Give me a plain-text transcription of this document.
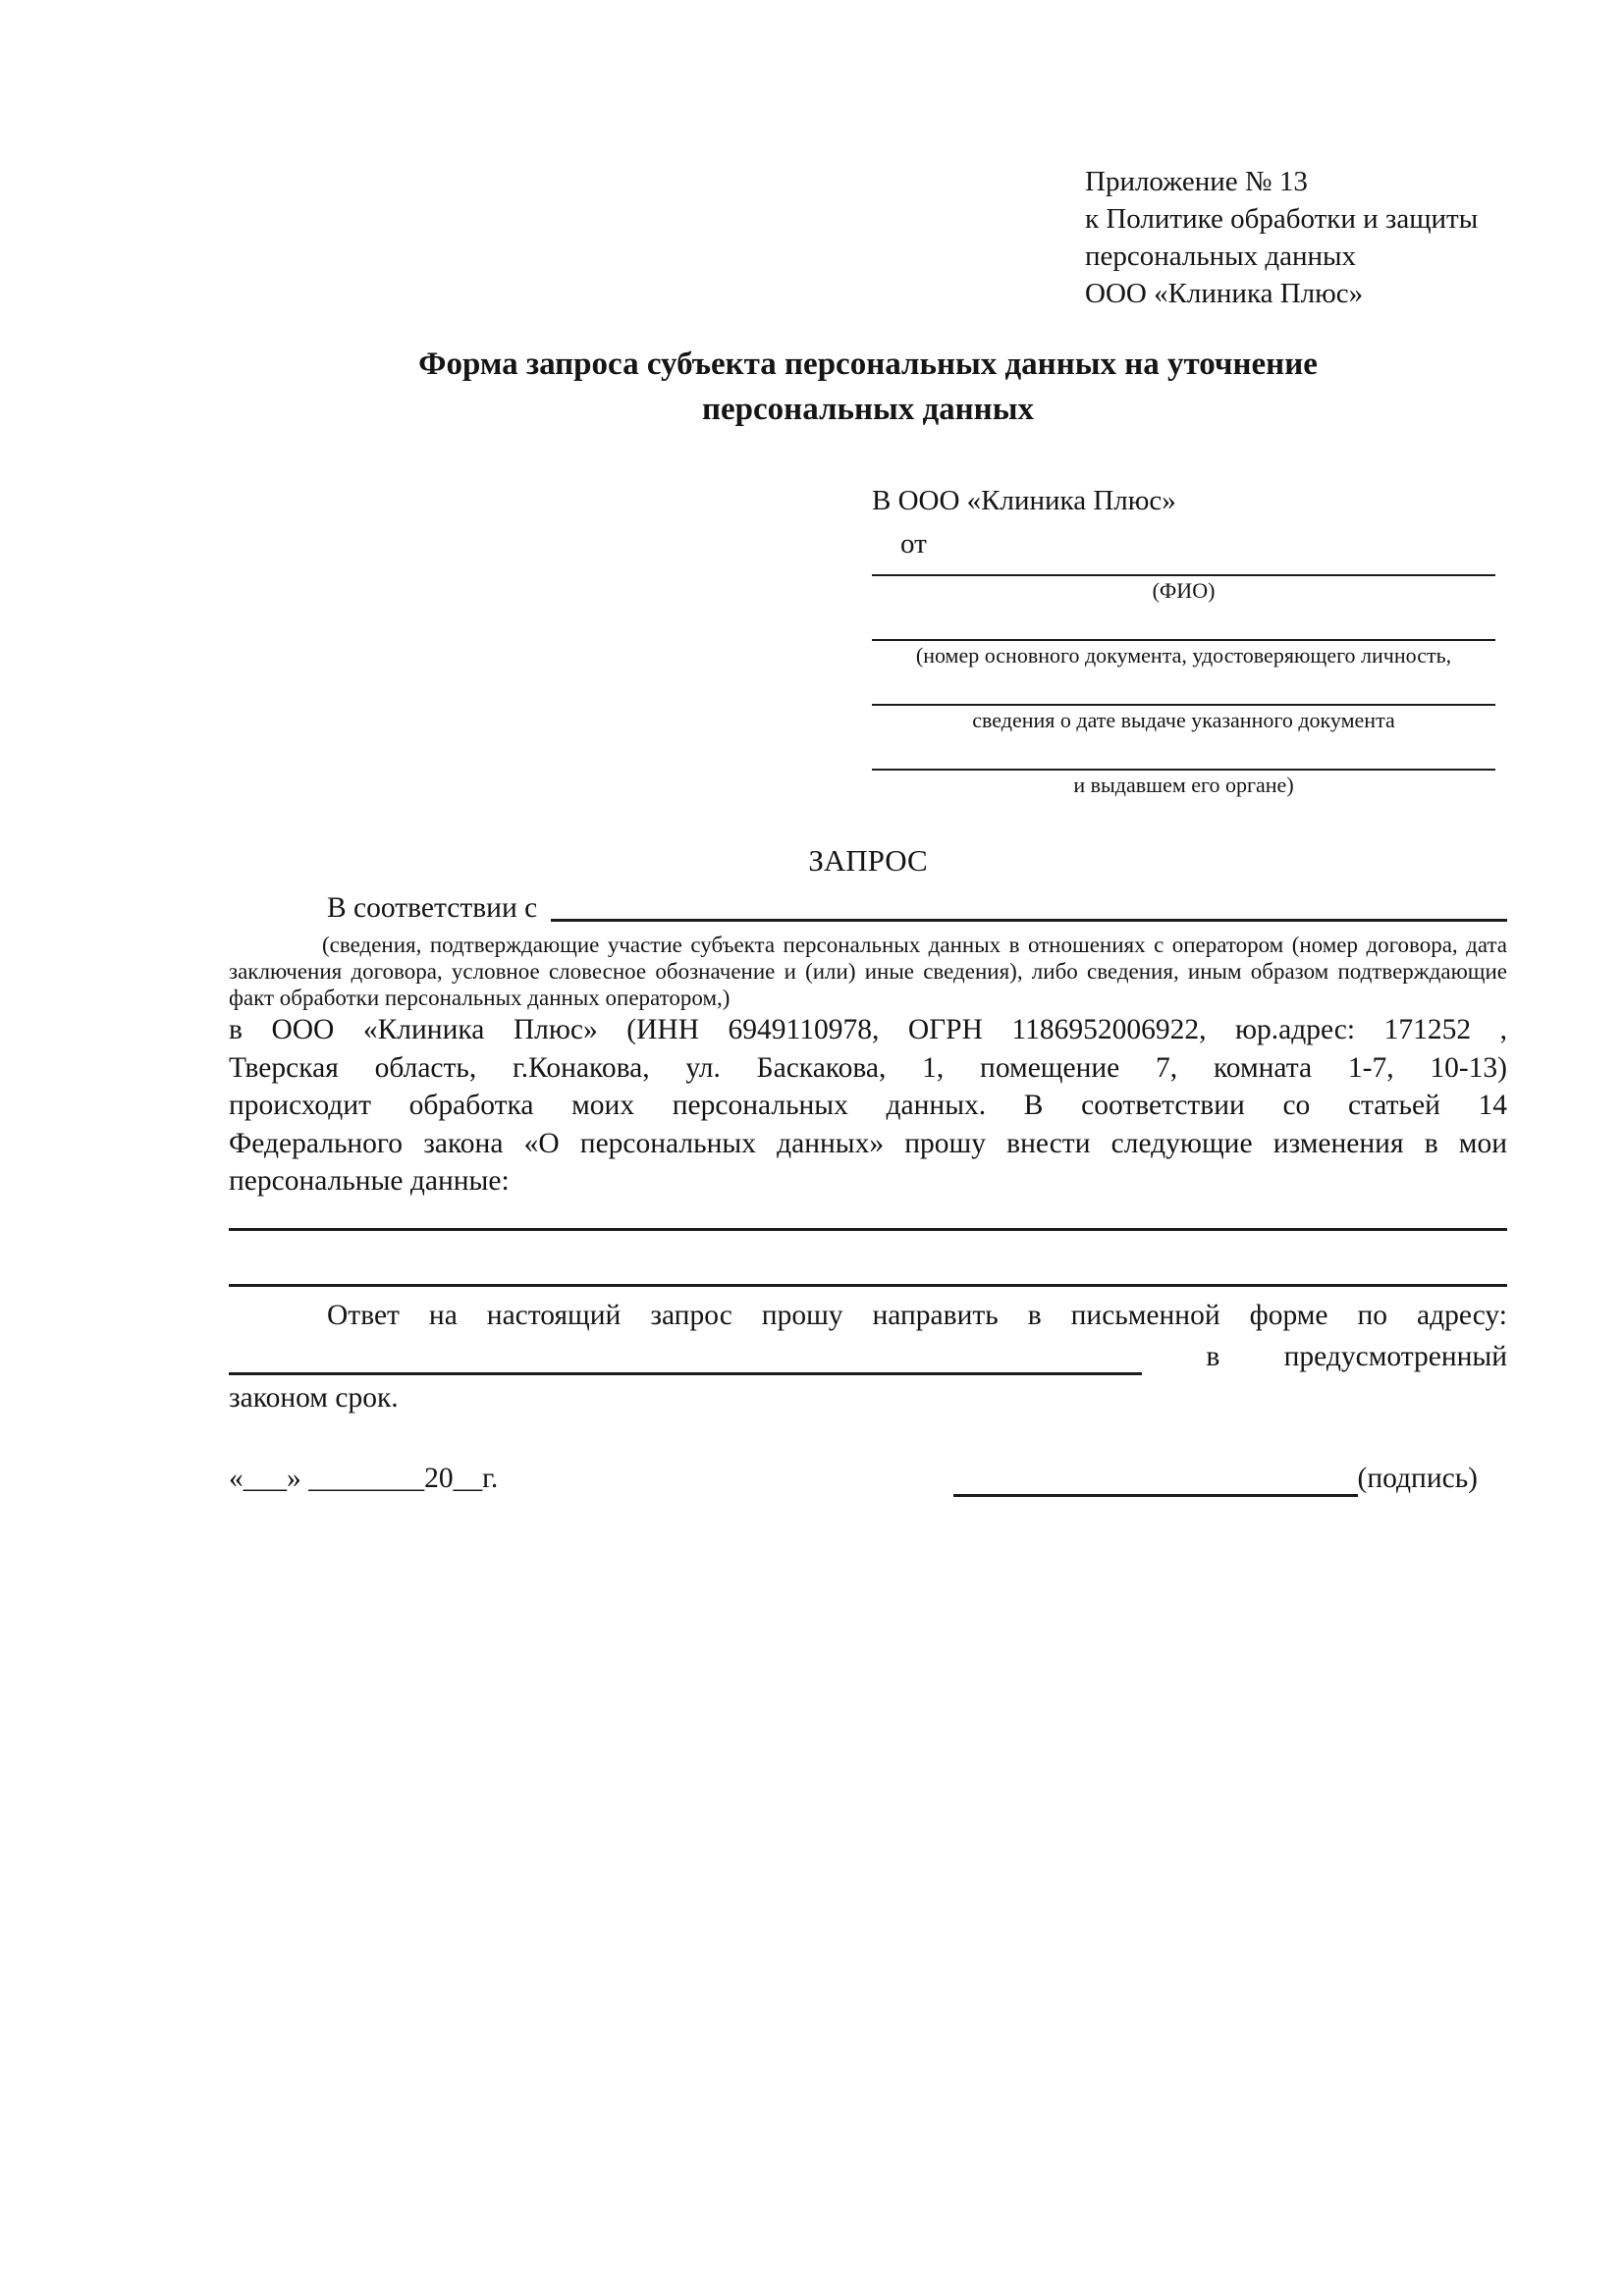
Приложение № 13
к Политике обработки и защиты
персональных данных
ООО «Клиника Плюс»
Форма запроса субъекта персональных данных на уточнение
персональных данных
В ООО «Клиника Плюс»
от
(ФИО)
(номер основного документа, удостоверяющего личность,
сведения о дате выдаче указанного документа
и выдавшем его органе)
ЗАПРОС
В соответствии с
(сведения, подтверждающие участие субъекта персональных данных в отношениях с оператором (номер договора, дата заключения договора, условное словесное обозначение и (или) иные сведения), либо сведения, иным образом подтверждающие факт обработки персональных данных оператором,)
в ООО «Клиника Плюс» (ИНН 6949110978, ОГРН 1186952006922, юр.адрес: 171252 ,
Тверская область, г.Конакова, ул. Баскакова, 1, помещение 7, комната 1-7, 10-13)
происходит обработка моих персональных данных. В соответствии со статьей 14
Федерального закона «О персональных данных» прошу внести следующие изменения в мои
персональные данные:
Ответ на настоящий запрос прошу направить в письменной форме по адресу:
в предусмотренный
законом срок.
«___» ________20__г.	(подпись)
